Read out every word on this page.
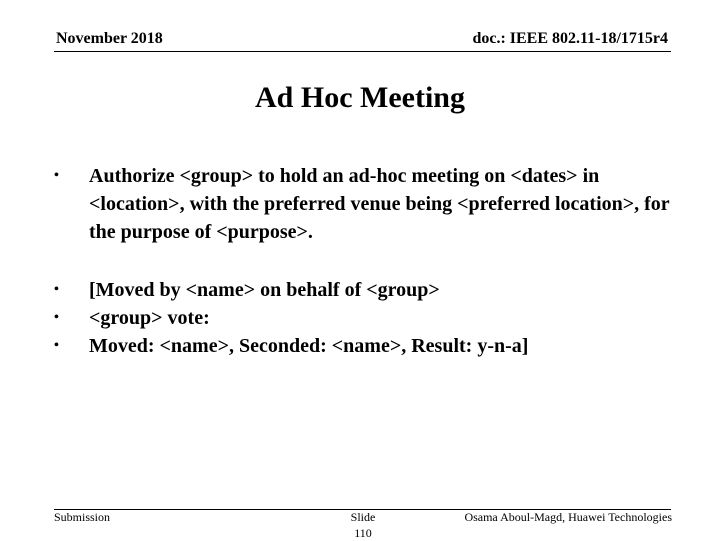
November 2018	doc.: IEEE 802.11-18/1715r4
Ad Hoc Meeting
• Authorize <group> to hold an ad-hoc meeting on <dates> in <location>, with the preferred venue being <preferred location>, for the purpose of <purpose>.
• [Moved by <name> on behalf of <group>
• <group> vote:
• Moved: <name>, Seconded: <name>, Result: y-n-a]
Submission	Slide
110
Osama Aboul-Magd, Huawei Technologies
